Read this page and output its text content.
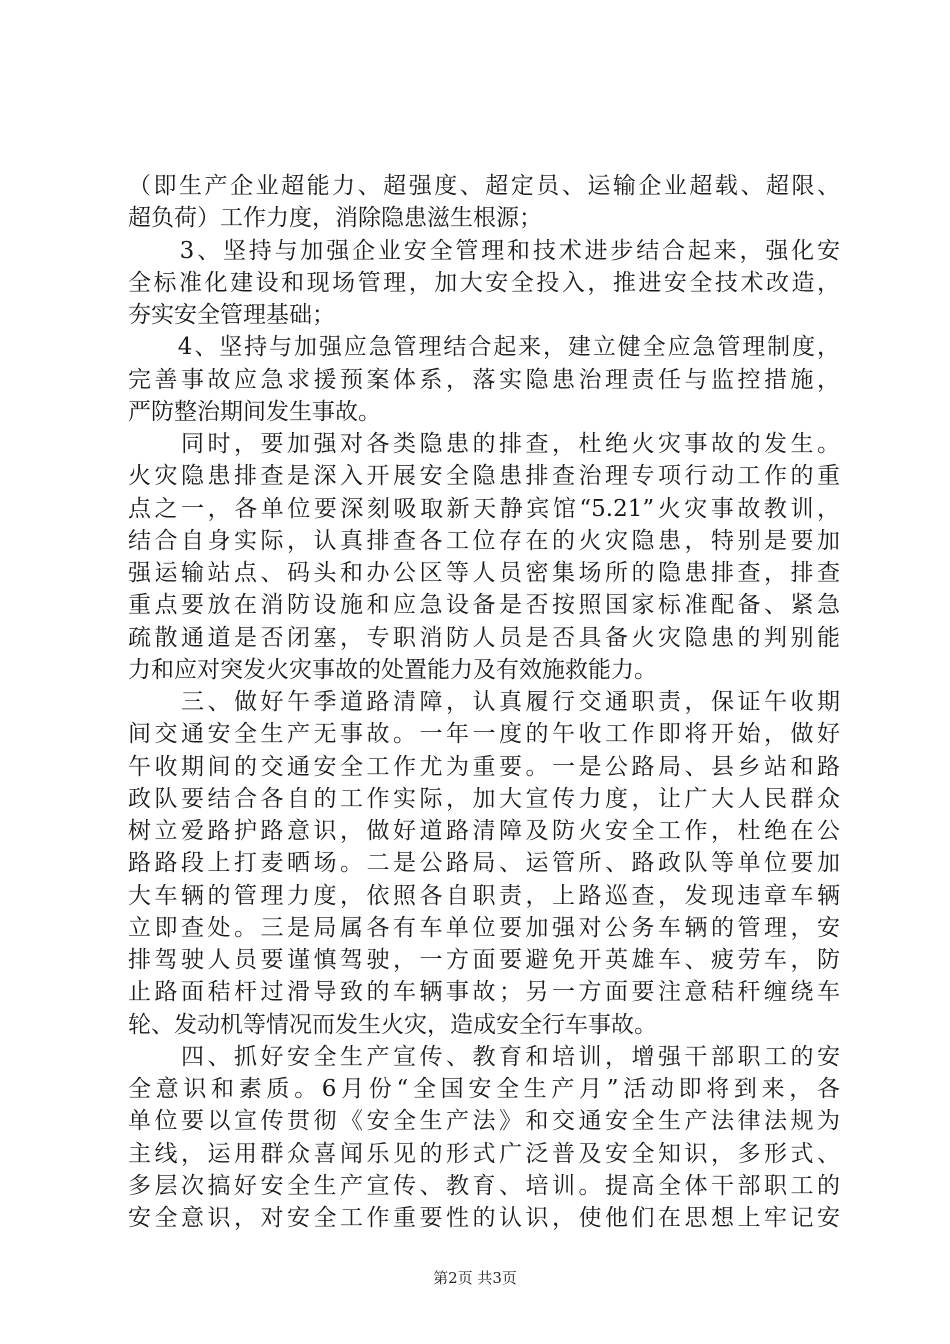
（即生产企业超能力、超强度、超定员、运输企业超载、超限、
超负荷）工作力度，消除隐患滋生根源；
　　3、坚持与加强企业安全管理和技术进步结合起来，强化安
全标准化建设和现场管理，加大安全投入，推进安全技术改造，
夯实安全管理基础；
　　4、坚持与加强应急管理结合起来，建立健全应急管理制度，
完善事故应急求援预案体系，落实隐患治理责任与监控措施，
严防整治期间发生事故。
　　同时，要加强对各类隐患的排查，杜绝火灾事故的发生。
火灾隐患排查是深入开展安全隐患排查治理专项行动工作的重
点之一，各单位要深刻吸取新天静宾馆“5.21”火灾事故教训，
结合自身实际，认真排查各工位存在的火灾隐患，特别是要加
强运输站点、码头和办公区等人员密集场所的隐患排查，排查
重点要放在消防设施和应急设备是否按照国家标准配备、紧急
疏散通道是否闭塞，专职消防人员是否具备火灾隐患的判别能
力和应对突发火灾事故的处置能力及有效施救能力。
　　三、做好午季道路清障，认真履行交通职责，保证午收期
间交通安全生产无事故。一年一度的午收工作即将开始，做好
午收期间的交通安全工作尤为重要。一是公路局、县乡站和路
政队要结合各自的工作实际，加大宣传力度，让广大人民群众
树立爱路护路意识，做好道路清障及防火安全工作，杜绝在公
路路段上打麦晒场。二是公路局、运管所、路政队等单位要加
大车辆的管理力度，依照各自职责，上路巡查，发现违章车辆
立即查处。三是局属各有车单位要加强对公务车辆的管理，安
排驾驶人员要谨慎驾驶，一方面要避免开英雄车、疲劳车，防
止路面秸杆过滑导致的车辆事故；另一方面要注意秸秆缠绕车
轮、发动机等情况而发生火灾，造成安全行车事故。
　　四、抓好安全生产宣传、教育和培训，增强干部职工的安
全意识和素质。6月份“全国安全生产月”活动即将到来，各
单位要以宣传贯彻《安全生产法》和交通安全生产法律法规为
主线，运用群众喜闻乐见的形式广泛普及安全知识，多形式、
多层次搞好安全生产宣传、教育、培训。提高全体干部职工的
安全意识，对安全工作重要性的认识，使他们在思想上牢记安
第2页 共3页
